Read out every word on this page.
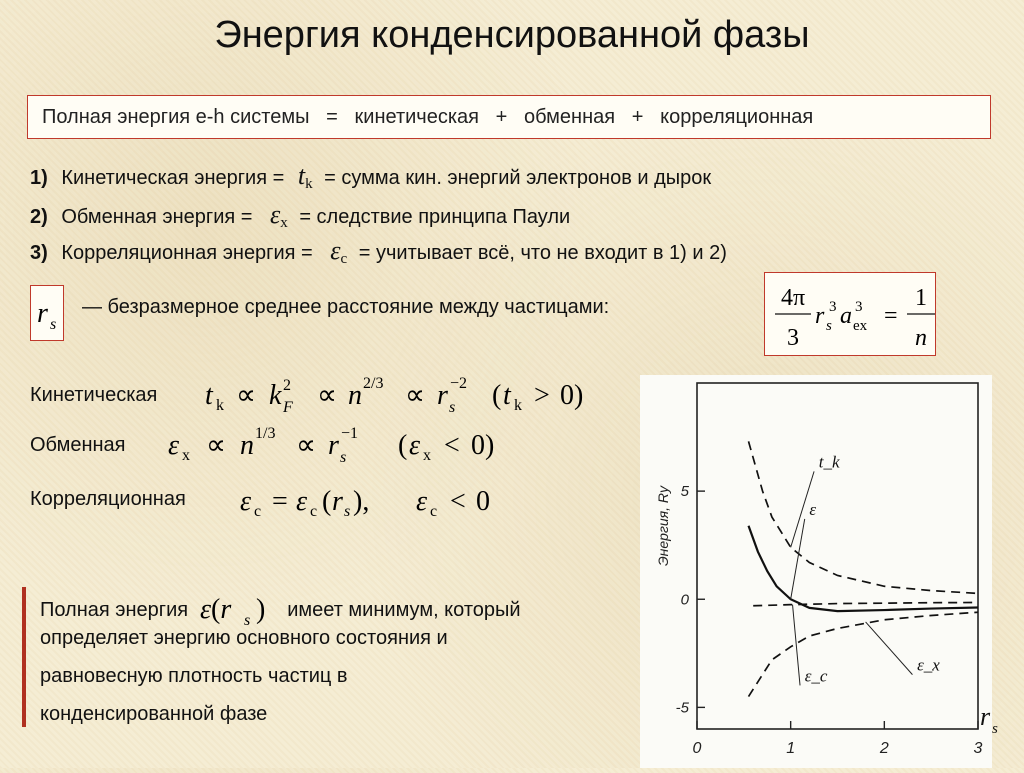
Энергия конденсированной фазы
Полная энергия e-h системы = кинетическая + обменная + корреляционная
1) Кинетическая энергия = $t_k$ = сумма кин. энергий электронов и дырок
2) Обменная энергия = $\varepsilon_x$ = следствие принципа Паули
3) Корреляционная энергия = $\varepsilon_c$ = учитывает всё, что не входит в 1) и 2)
r s
— безразмерное среднее расстояние между частицами:	4π
3
r 3
s a 3
ex =
1
n
Кинетическая
Обменная
Корреляционная
t k ∝ k 2
F ∝ n 2/3 ∝ r −2
s ( t k > 0)
ε x ∝ n 1/3 ∝ r −1
s ( ε x < 0)
ε c = ε c ( r s ), ε c < 0
Полная энергия ε(r s ) имеет минимум, который
определяет энергию основного состояния и
равновесную плотность частиц в
конденсированной фазе
5
0
-5
0	1	2	3
Энергия, Ry
r s
t_k
ε
ε_c
ε_x
